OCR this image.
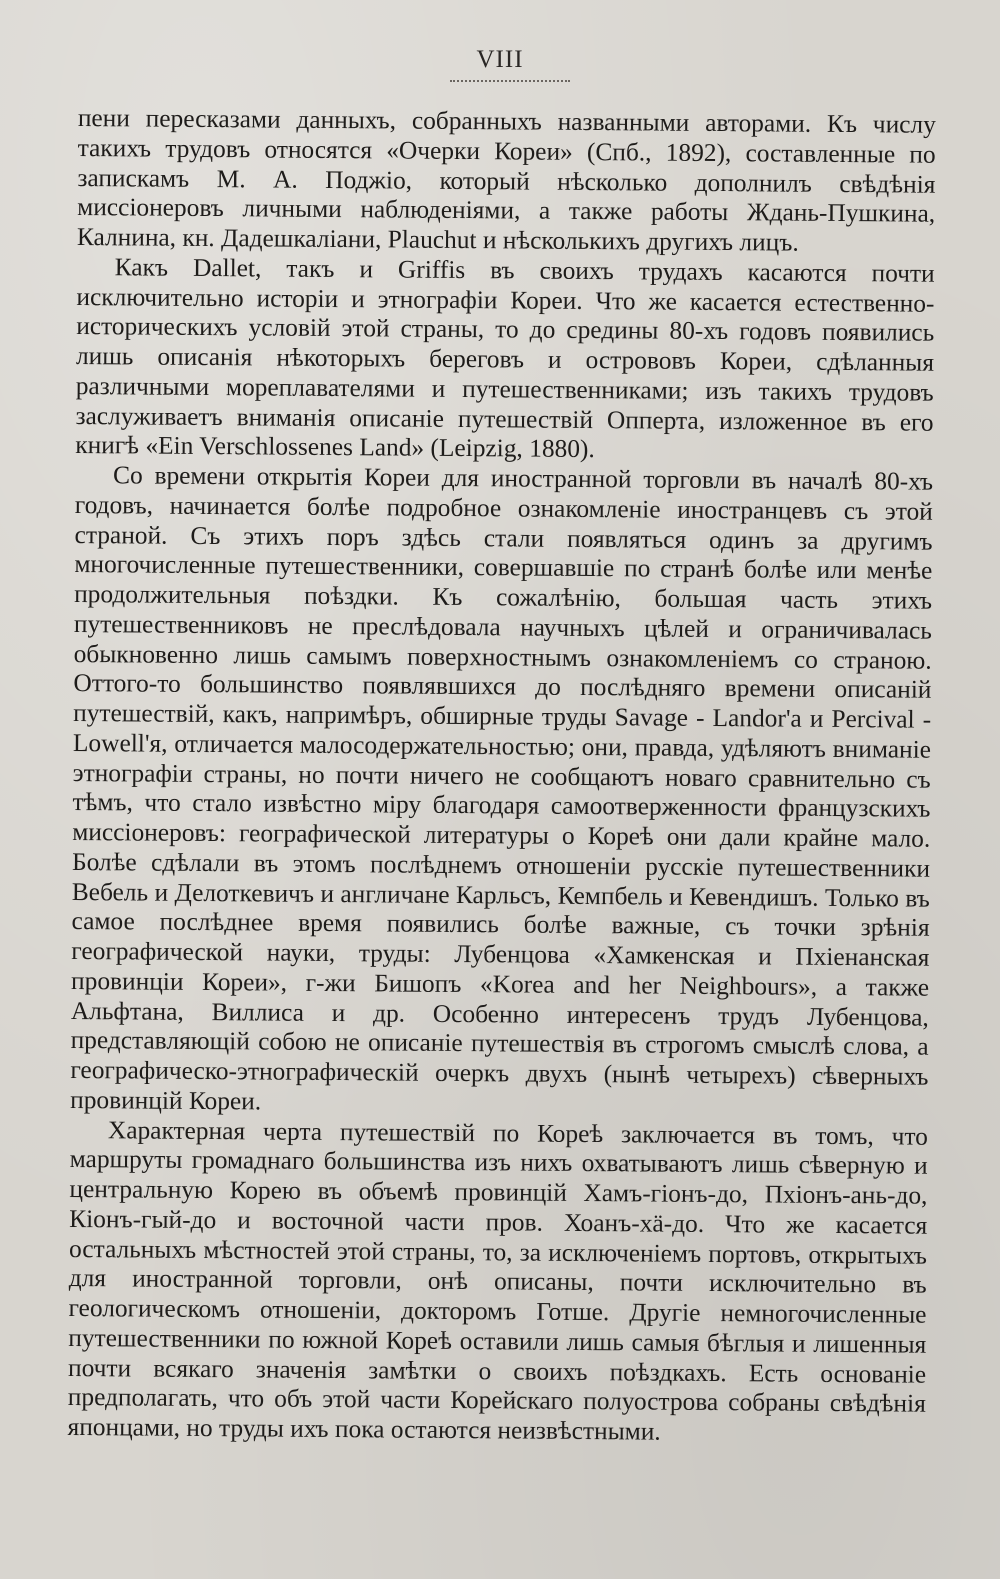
VIII

пени пересказами данныхъ, собранныхъ названными авторами. Къ числу такихъ трудовъ относятся «Очерки Кореи» (Спб., 1892), составленные по запискамъ М. А. Поджіо, который нѣсколько дополнилъ свѣдѣнія миссіонеровъ личными наблюденіями, а также работы Ждань-Пушкина, Калнина, кн. Дадешкаліани, Plauchut и нѣсколькихъ другихъ лицъ.

Какъ Dallet, такъ и Griffis въ своихъ трудахъ касаются почти исключительно исторіи и этнографіи Кореи. Что же касается естественно-историческихъ условій этой страны, то до средины 80-хъ годовъ появились лишь описанія нѣкоторыхъ береговъ и острововъ Кореи, сдѣланныя различными мореплавателями и путешественниками; изъ такихъ трудовъ заслуживаетъ вниманія описаніе путешествій Опперта, изложенное въ его книгѣ «Ein Verschlossenes Land» (Leipzig, 1880).

Со времени открытія Кореи для иностранной торговли въ началѣ 80-хъ годовъ, начинается болѣе подробное ознакомленіе иностранцевъ съ этой страной. Съ этихъ поръ здѣсь стали появляться одинъ за другимъ многочисленные путешественники, совершавшіе по странѣ болѣе или менѣе продолжительныя поѣздки. Къ сожалѣнію, большая часть этихъ путешественниковъ не преслѣдовала научныхъ цѣлей и ограничивалась обыкновенно лишь самымъ поверхностнымъ ознакомленіемъ со страною. Оттого-то большинство появлявшихся до послѣдняго времени описаній путешествій, какъ, напримѣръ, обширные труды Savage - Landor'а и Percival - Lowell'я, отличается малосодержательностью; они, правда, удѣляютъ вниманіе этнографіи страны, но почти ничего не сообщаютъ новаго сравнительно съ тѣмъ, что стало извѣстно міру благодаря самоотверженности французскихъ миссіонеровъ: географической литературы о Кореѣ они дали крайне мало. Болѣе сдѣлали въ этомъ послѣднемъ отношеніи русскіе путешественники Вебель и Делоткевичъ и англичане Карльсъ, Кемпбель и Кевендишъ. Только въ самое послѣднее время появились болѣе важные, съ точки зрѣнія географической науки, труды: Лубенцова «Хамкенская и Пхіенанская провинціи Кореи», г-жи Бишопъ «Korea and her Neighbours», а также Альфтана, Виллиса и др. Особенно интересенъ трудъ Лубенцова, представляющій собою не описаніе путешествія въ строгомъ смыслѣ слова, а географическо-этнографическій очеркъ двухъ (нынѣ четырехъ) сѣверныхъ провинцій Кореи.

Характерная черта путешествій по Кореѣ заключается въ томъ, что маршруты громаднаго большинства изъ нихъ охватываютъ лишь сѣверную и центральную Корею въ объемѣ провинцій Хамъ-гіонъ-до, Пхіонъ-ань-до, Кіонъ-гый-до и восточной части пров. Хоанъ-хä-до. Что же касается остальныхъ мѣстностей этой страны, то, за исключеніемъ портовъ, открытыхъ для иностранной торговли, онѣ описаны, почти исключительно въ геологическомъ отношеніи, докторомъ Готше. Другіе немногочисленные путешественники по южной Кореѣ оставили лишь самыя бѣглыя и лишенныя почти всякаго значенія замѣтки о своихъ поѣздкахъ. Есть основаніе предполагать, что объ этой части Корейскаго полуострова собраны свѣдѣнія японцами, но труды ихъ пока остаются неизвѣстными.
